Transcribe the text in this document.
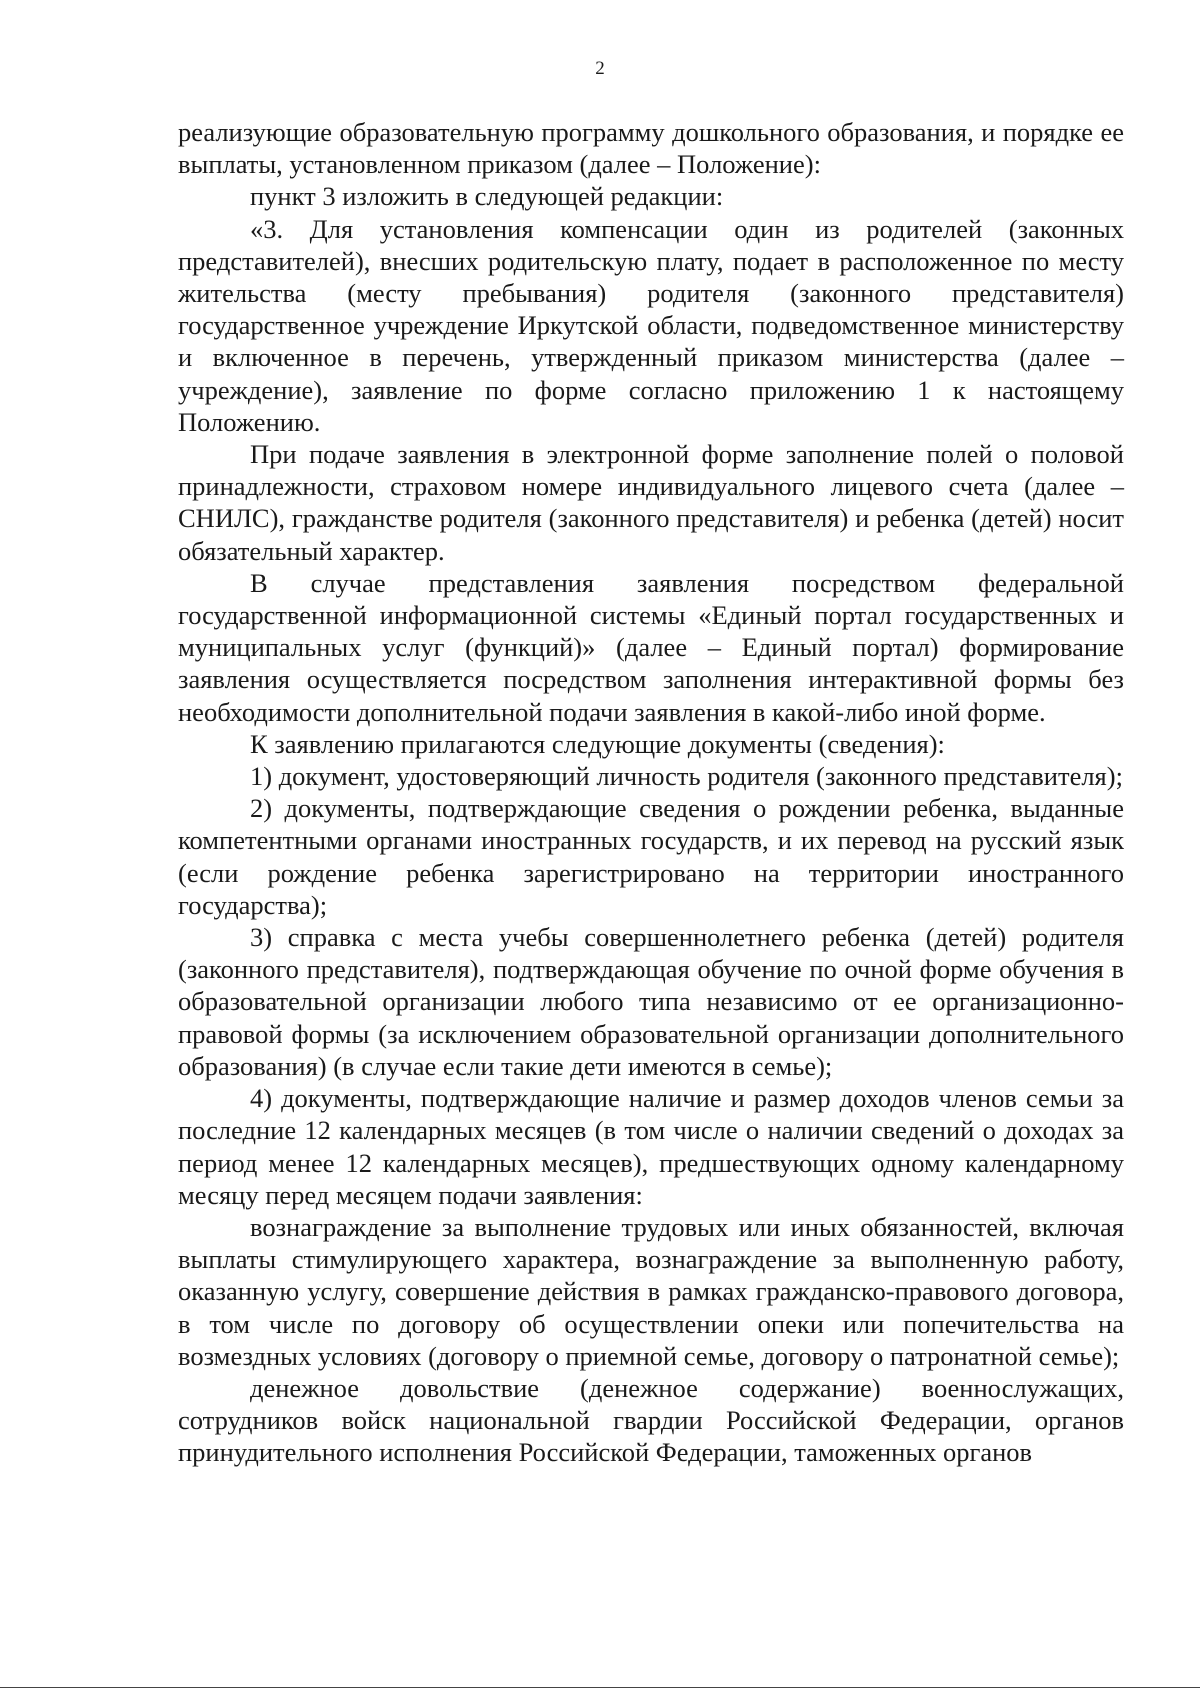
2

реализующие образовательную программу дошкольного образования, и порядке ее выплаты, установленном приказом (далее – Положение):

пункт 3 изложить в следующей редакции:

«3. Для установления компенсации один из родителей (законных представителей), внесших родительскую плату, подает в расположенное по месту жительства (месту пребывания) родителя (законного представителя) государственное учреждение Иркутской области, подведомственное министерству и включенное в перечень, утвержденный приказом министерства (далее – учреждение), заявление по форме согласно приложению 1 к настоящему Положению.

При подаче заявления в электронной форме заполнение полей о половой принадлежности, страховом номере индивидуального лицевого счета (далее – СНИЛС), гражданстве родителя (законного представителя) и ребенка (детей) носит обязательный характер.

В случае представления заявления посредством федеральной государственной информационной системы «Единый портал государственных и муниципальных услуг (функций)» (далее – Единый портал) формирование заявления осуществляется посредством заполнения интерактивной формы без необходимости дополнительной подачи заявления в какой-либо иной форме.

К заявлению прилагаются следующие документы (сведения):

1) документ, удостоверяющий личность родителя (законного представителя);

2) документы, подтверждающие сведения о рождении ребенка, выданные компетентными органами иностранных государств, и их перевод на русский язык (если рождение ребенка зарегистрировано на территории иностранного государства);

3) справка с места учебы совершеннолетнего ребенка (детей) родителя (законного представителя), подтверждающая обучение по очной форме обучения в образовательной организации любого типа независимо от ее организационно-правовой формы (за исключением образовательной организации дополнительного образования) (в случае если такие дети имеются в семье);

4) документы, подтверждающие наличие и размер доходов членов семьи за последние 12 календарных месяцев (в том числе о наличии сведений о доходах за период менее 12 календарных месяцев), предшествующих одному календарному месяцу перед месяцем подачи заявления:

вознаграждение за выполнение трудовых или иных обязанностей, включая выплаты стимулирующего характера, вознаграждение за выполненную работу, оказанную услугу, совершение действия в рамках гражданско-правового договора, в том числе по договору об осуществлении опеки или попечительства на возмездных условиях (договору о приемной семье, договору о патронатной семье);

денежное довольствие (денежное содержание) военнослужащих, сотрудников войск национальной гвардии Российской Федерации, органов принудительного исполнения Российской Федерации, таможенных органов
